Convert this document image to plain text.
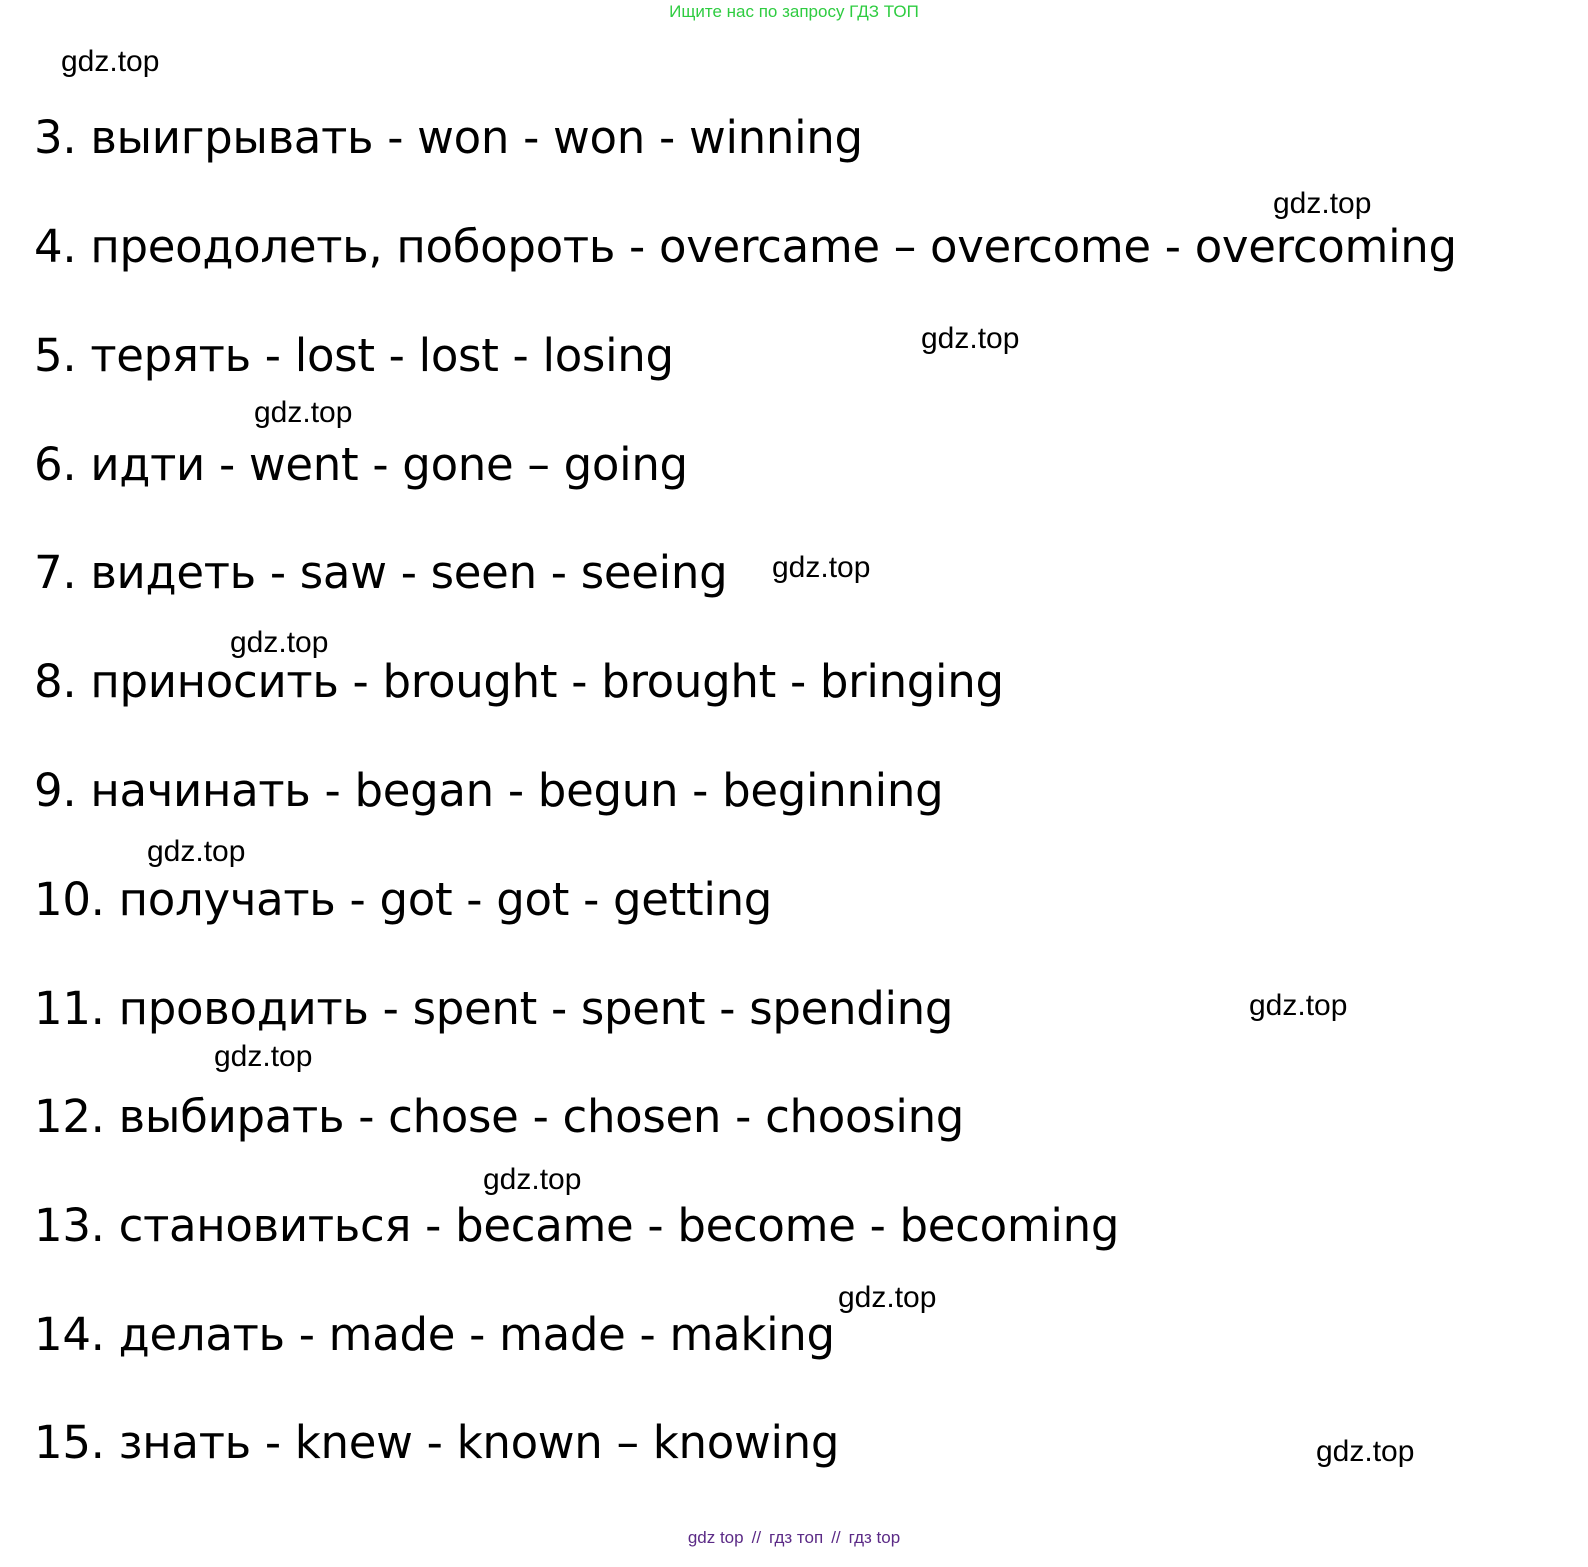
Ищите нас по запросу ГДЗ ТОП
gdz.top
3. выигрывать - won - won - winning
gdz.top
4. преодолеть, побороть - overcame – overcome - overcoming
gdz.top
5. терять - lost - lost - losing
gdz.top
6. идти - went - gone – going
7. видеть - saw - seen - seeing gdz.top
gdz.top
8. приносить - brought - brought - bringing
9. начинать - began - begun - beginning
gdz.top
10. получать - got - got - getting
11. проводить - spent - spent - spending	gdz.top
gdz.top
12. выбирать - chose - chosen - choosing
gdz.top
13. становиться - became - become - becoming
gdz.top
14. делать - made - made - making
15. знать - knew - known – knowing	gdz.top
gdz top // гдз топ // гдз top
